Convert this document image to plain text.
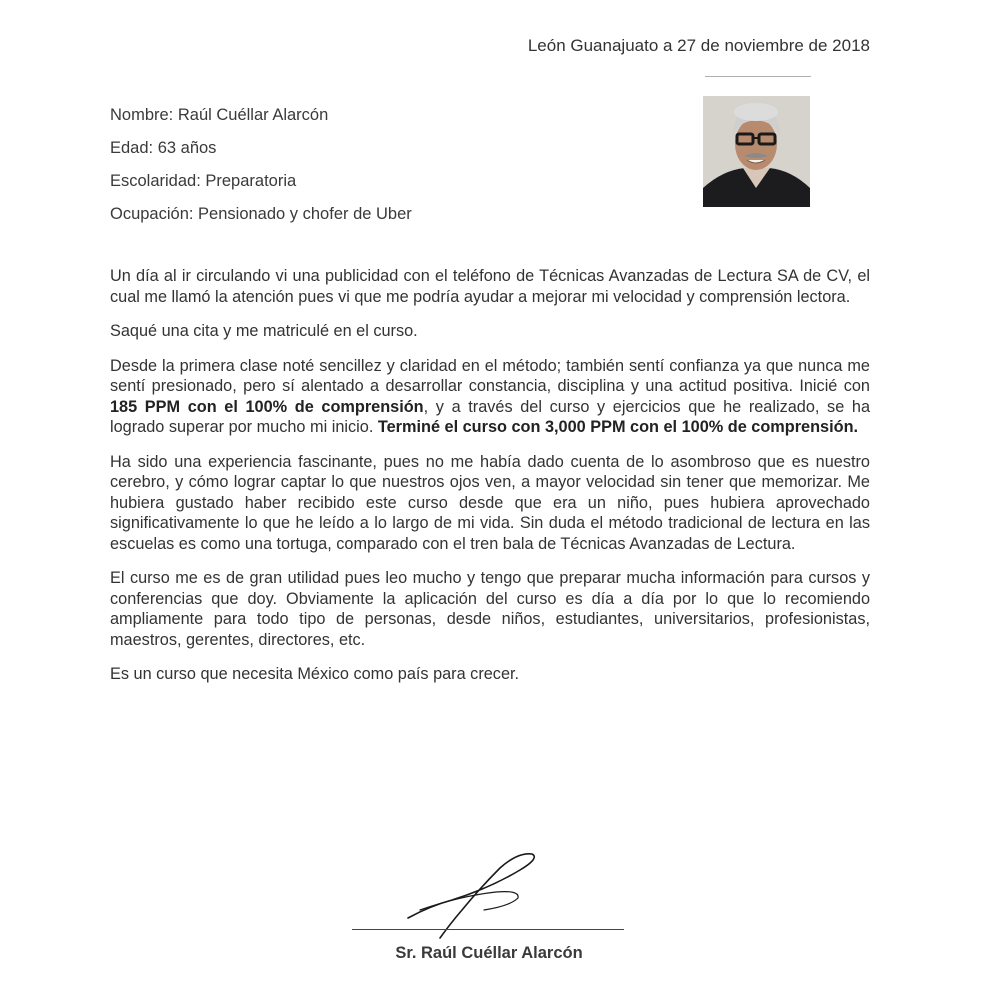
León Guanajuato a 27 de noviembre de 2018
Nombre: Raúl Cuéllar Alarcón
Edad: 63 años
Escolaridad: Preparatoria
Ocupación: Pensionado y chofer de Uber

Un día al ir circulando vi una publicidad con el teléfono de Técnicas Avanzadas de Lectura SA de CV, el cual me llamó la atención pues vi que me podría ayudar a mejorar mi velocidad y comprensión lectora.

Saqué una cita y me matriculé en el curso.

Desde la primera clase noté sencillez y claridad en el método; también sentí confianza ya que nunca me sentí presionado, pero sí alentado a desarrollar constancia, disciplina y una actitud positiva. Inicié con 185 PPM con el 100% de comprensión, y a través del curso y ejercicios que he realizado, se ha logrado superar por mucho mi inicio. Terminé el curso con 3,000 PPM con el 100% de comprensión.

Ha sido una experiencia fascinante, pues no me había dado cuenta de lo asombroso que es nuestro cerebro, y cómo lograr captar lo que nuestros ojos ven, a mayor velocidad sin tener que memorizar. Me hubiera gustado haber recibido este curso desde que era un niño, pues hubiera aprovechado significativamente lo que he leído a lo largo de mi vida. Sin duda el método tradicional de lectura en las escuelas es como una tortuga, comparado con el tren bala de Técnicas Avanzadas de Lectura.

El curso me es de gran utilidad pues leo mucho y tengo que preparar mucha información para cursos y conferencias que doy. Obviamente la aplicación del curso es día a día por lo que lo recomiendo ampliamente para todo tipo de personas, desde niños, estudiantes, universitarios, profesionistas, maestros, gerentes, directores, etc.

Es un curso que necesita México como país para crecer.

Sr. Raúl Cuéllar Alarcón
